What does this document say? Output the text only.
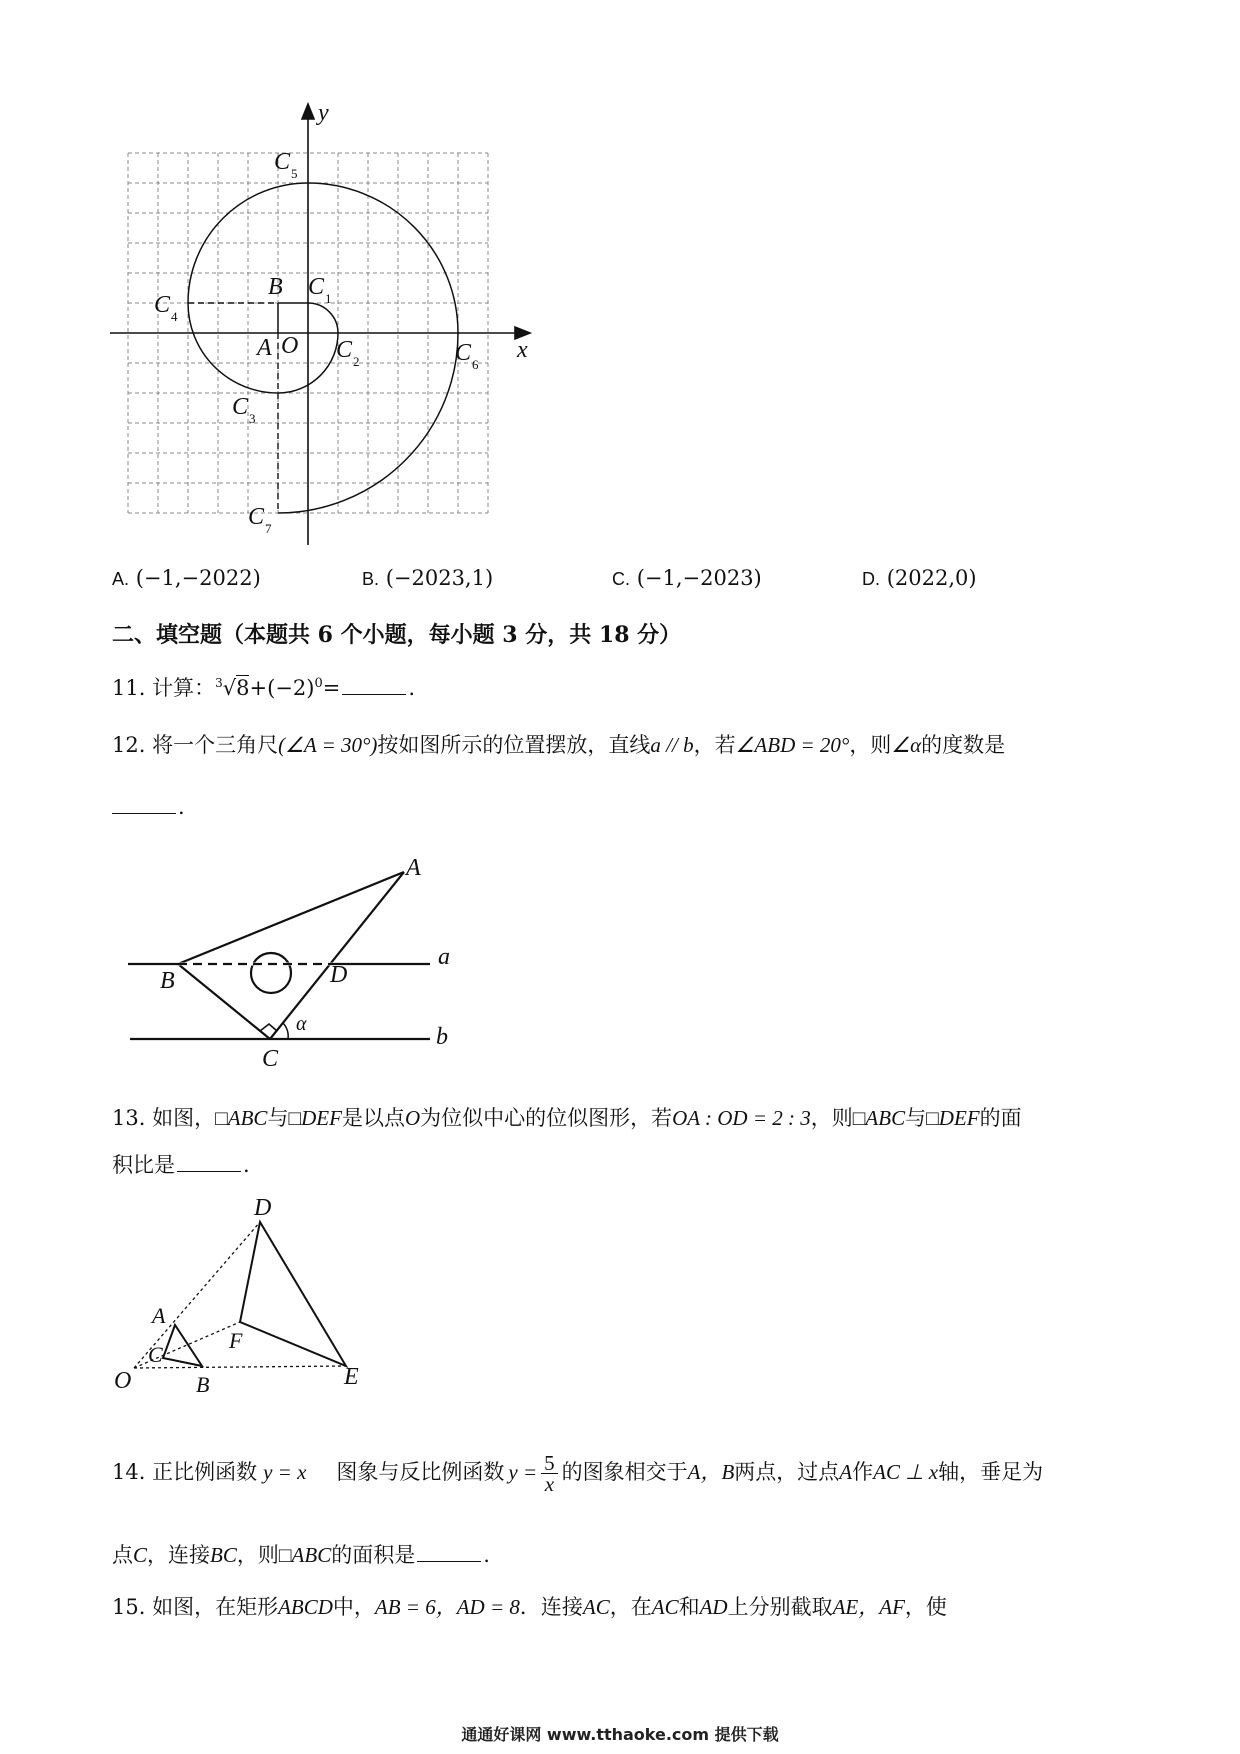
y
x
C 5
C 4
B C 1
A O C 2	C 6
C 3
C 7
A. (−1,−2022)	B. (−2023,1)	C. (−1,−2023)	D. (2022,0)
二、填空题（本题共 6 个小题，每小题 3 分，共 18 分）
11. 计算：$^3√8+(-2)^0=$	.
12. 将一个三角尺(∠A = 30°)按如图所示的位置摆放，直线a // b，若∠ABD = 20°，则∠α的度数是
.
A
B	D
a
b
C
α
13. 如图，□ABC与□DEF是以点O为位似中心的位似图形，若OA : OD = 2 : 3，则□ABC与□DEF的面
积比是	.
D
A
F
C
O	B	E
14. 正比例函数 y = x 图象与反比例函数 $y = \frac{5}{x}$ 的图象相交于A，B两点，过点A作AC ⊥ x轴，垂足为
点C，连接BC，则□ABC的面积是	.
15. 如图，在矩形ABCD中，AB = 6，AD = 8．连接AC，在AC和AD上分别截取AE，AF，使
通通好课网 www.tthaoke.com 提供下载
